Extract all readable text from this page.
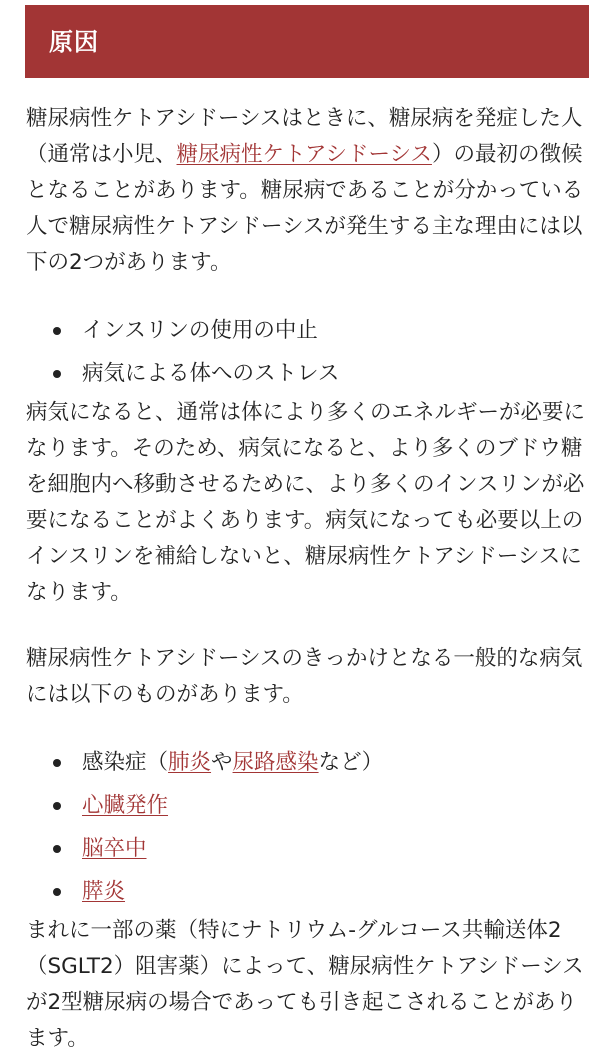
原因

糖尿病性ケトアシドーシスはときに、糖尿病を発症した人（通常は小児、糖尿病性ケトアシドーシス）の最初の徴候となることがあります。糖尿病であることが分かっている人で糖尿病性ケトアシドーシスが発生する主な理由には以下の2つがあります。

インスリンの使用の中止
病気による体へのストレス

病気になると、通常は体により多くのエネルギーが必要になります。そのため、病気になると、より多くのブドウ糖を細胞内へ移動させるために、より多くのインスリンが必要になることがよくあります。病気になっても必要以上のインスリンを補給しないと、糖尿病性ケトアシドーシスになります。

糖尿病性ケトアシドーシスのきっかけとなる一般的な病気には以下のものがあります。

感染症（肺炎や尿路感染など）
心臓発作
脳卒中
膵炎

まれに一部の薬（特にナトリウム-グルコース共輸送体2（SGLT2）阻害薬）によって、糖尿病性ケトアシドーシスが2型糖尿病の場合であっても引き起こされることがあります。
